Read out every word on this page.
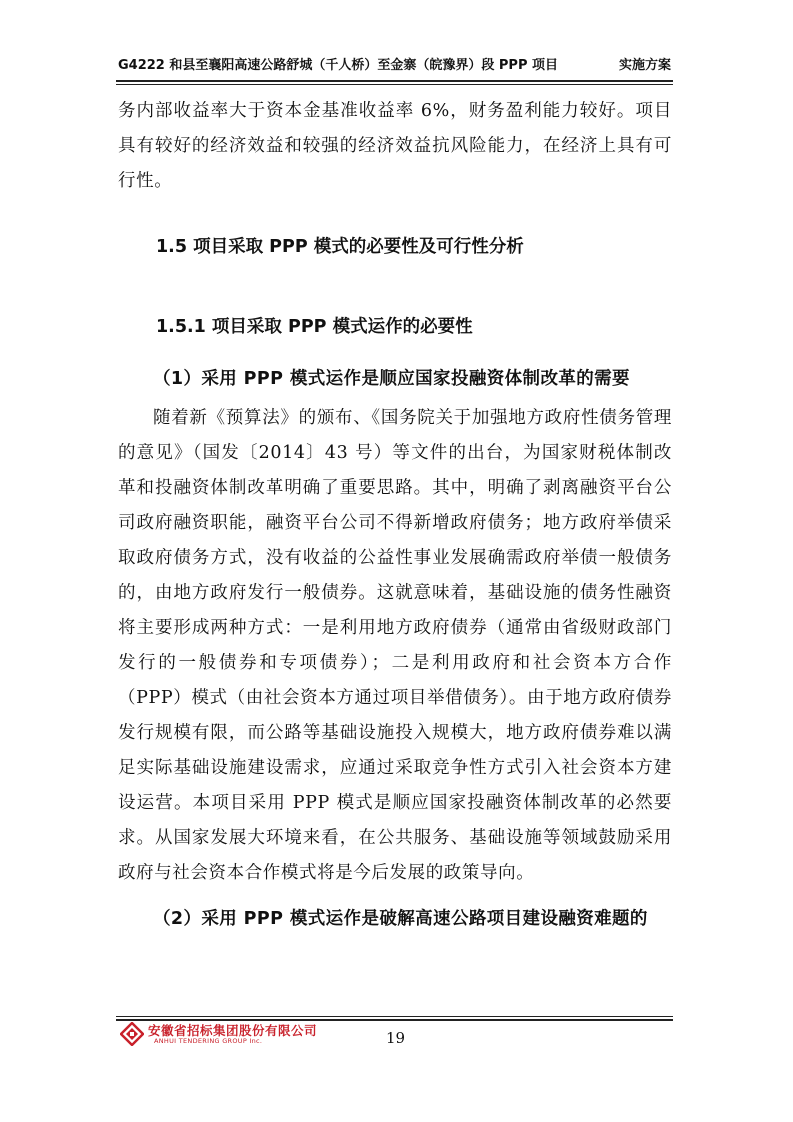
G4222 和县至襄阳高速公路舒城（千人桥）至金寨（皖豫界）段 PPP 项目	实施方案

务内部收益率大于资本金基准收益率 6%，财务盈利能力较好。项目具有较好的经济效益和较强的经济效益抗风险能力，在经济上具有可行性。

1.5 项目采取 PPP 模式的必要性及可行性分析

1.5.1 项目采取 PPP 模式运作的必要性

（1）采用 PPP 模式运作是顺应国家投融资体制改革的需要

随着新《预算法》的颁布、《国务院关于加强地方政府性债务管理的意见》（国发〔2014〕43 号）等文件的出台，为国家财税体制改革和投融资体制改革明确了重要思路。其中，明确了剥离融资平台公司政府融资职能，融资平台公司不得新增政府债务；地方政府举债采取政府债务方式，没有收益的公益性事业发展确需政府举债一般债务的，由地方政府发行一般债券。这就意味着，基础设施的债务性融资将主要形成两种方式：一是利用地方政府债券（通常由省级财政部门发行的一般债券和专项债券）；二是利用政府和社会资本方合作（PPP）模式（由社会资本方通过项目举借债务）。由于地方政府债券发行规模有限，而公路等基础设施投入规模大，地方政府债券难以满足实际基础设施建设需求，应通过采取竞争性方式引入社会资本方建设运营。本项目采用 PPP 模式是顺应国家投融资体制改革的必然要求。从国家发展大环境来看，在公共服务、基础设施等领域鼓励采用政府与社会资本合作模式将是今后发展的政策导向。

（2）采用 PPP 模式运作是破解高速公路项目建设融资难题的

安徽省招标集团股份有限公司
ANHUI TENDERING GROUP Inc.	19
